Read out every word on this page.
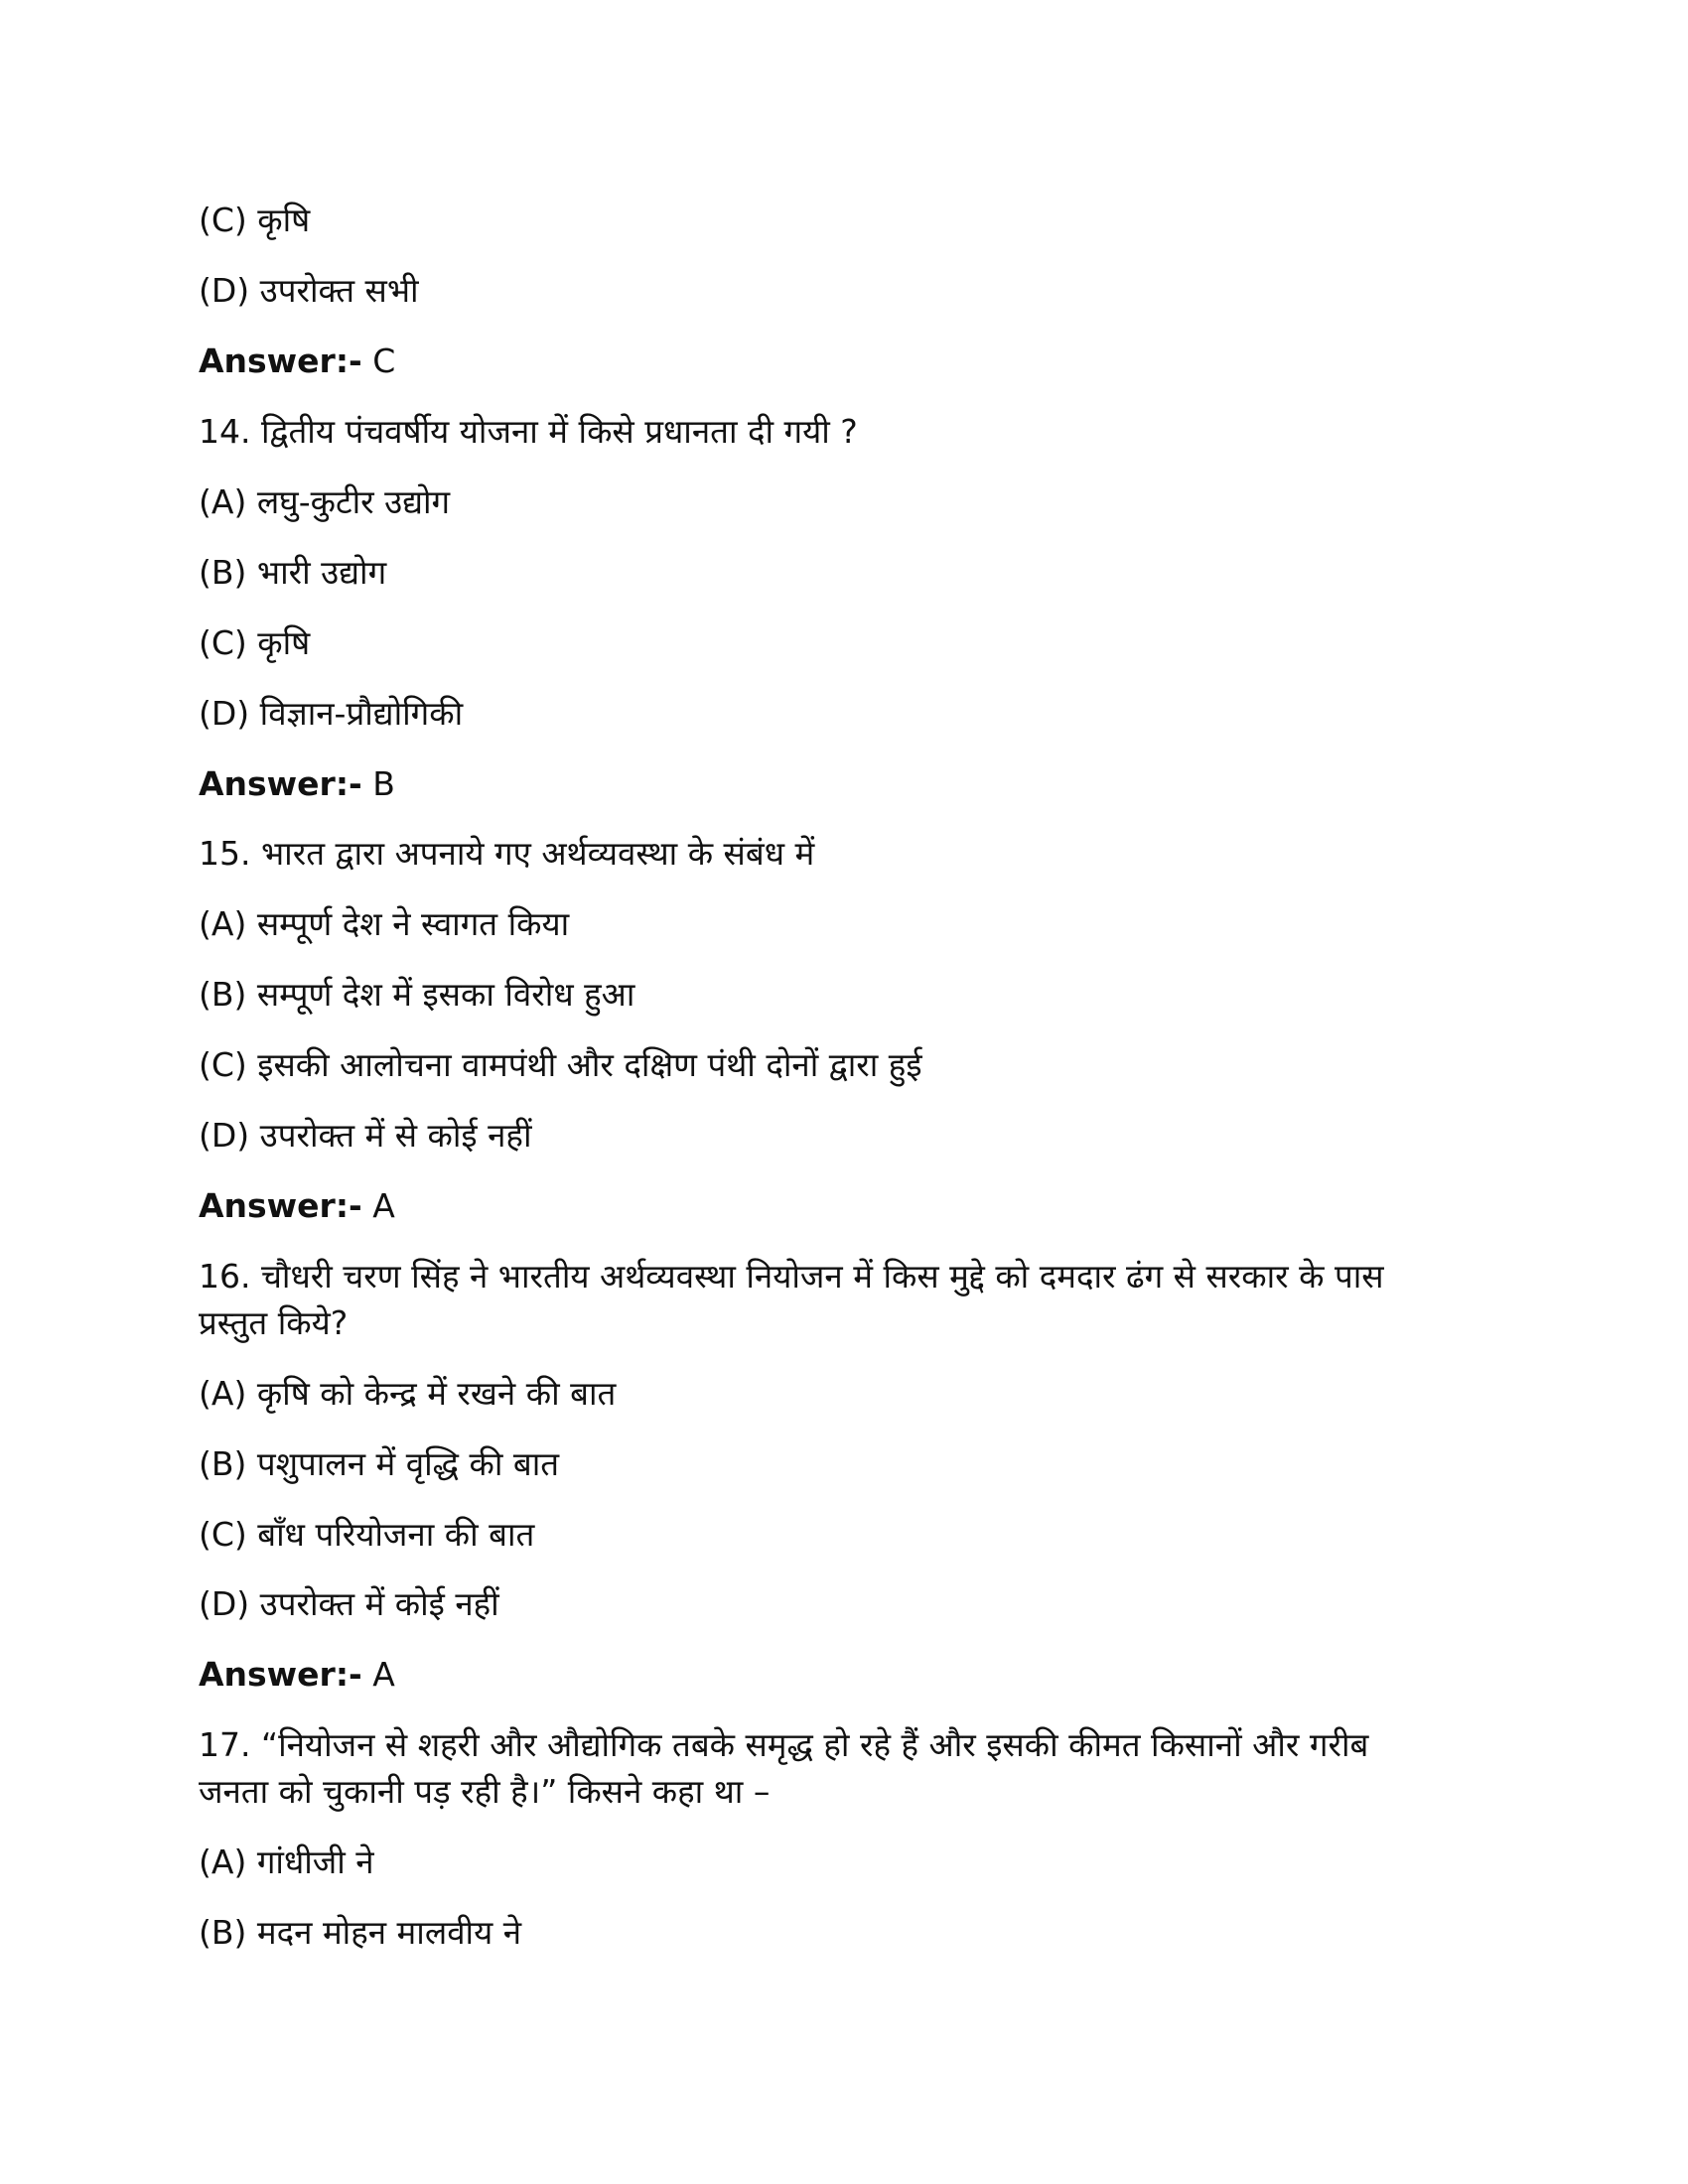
(C) कृषि
(D) उपरोक्त सभी
Answer:- C
14. द्वितीय पंचवर्षीय योजना में किसे प्रधानता दी गयी ?
(A) लघु-कुटीर उद्योग
(B) भारी उद्योग
(C) कृषि
(D) विज्ञान-प्रौद्योगिकी
Answer:- B
15. भारत द्वारा अपनाये गए अर्थव्यवस्था के संबंध में
(A) सम्पूर्ण देश ने स्वागत किया
(B) सम्पूर्ण देश में इसका विरोध हुआ
(C) इसकी आलोचना वामपंथी और दक्षिण पंथी दोनों द्वारा हुई
(D) उपरोक्त में से कोई नहीं
Answer:- A
16. चौधरी चरण सिंह ने भारतीय अर्थव्यवस्था नियोजन में किस मुद्दे को दमदार ढंग से सरकार के पास
प्रस्तुत किये?
(A) कृषि को केन्द्र में रखने की बात
(B) पशुपालन में वृद्धि की बात
(C) बाँध परियोजना की बात
(D) उपरोक्त में कोई नहीं
Answer:- A
17. “नियोजन से शहरी और औद्योगिक तबके समृद्ध हो रहे हैं और इसकी कीमत किसानों और गरीब
जनता को चुकानी पड़ रही है।” किसने कहा था –
(A) गांधीजी ने
(B) मदन मोहन मालवीय ने
